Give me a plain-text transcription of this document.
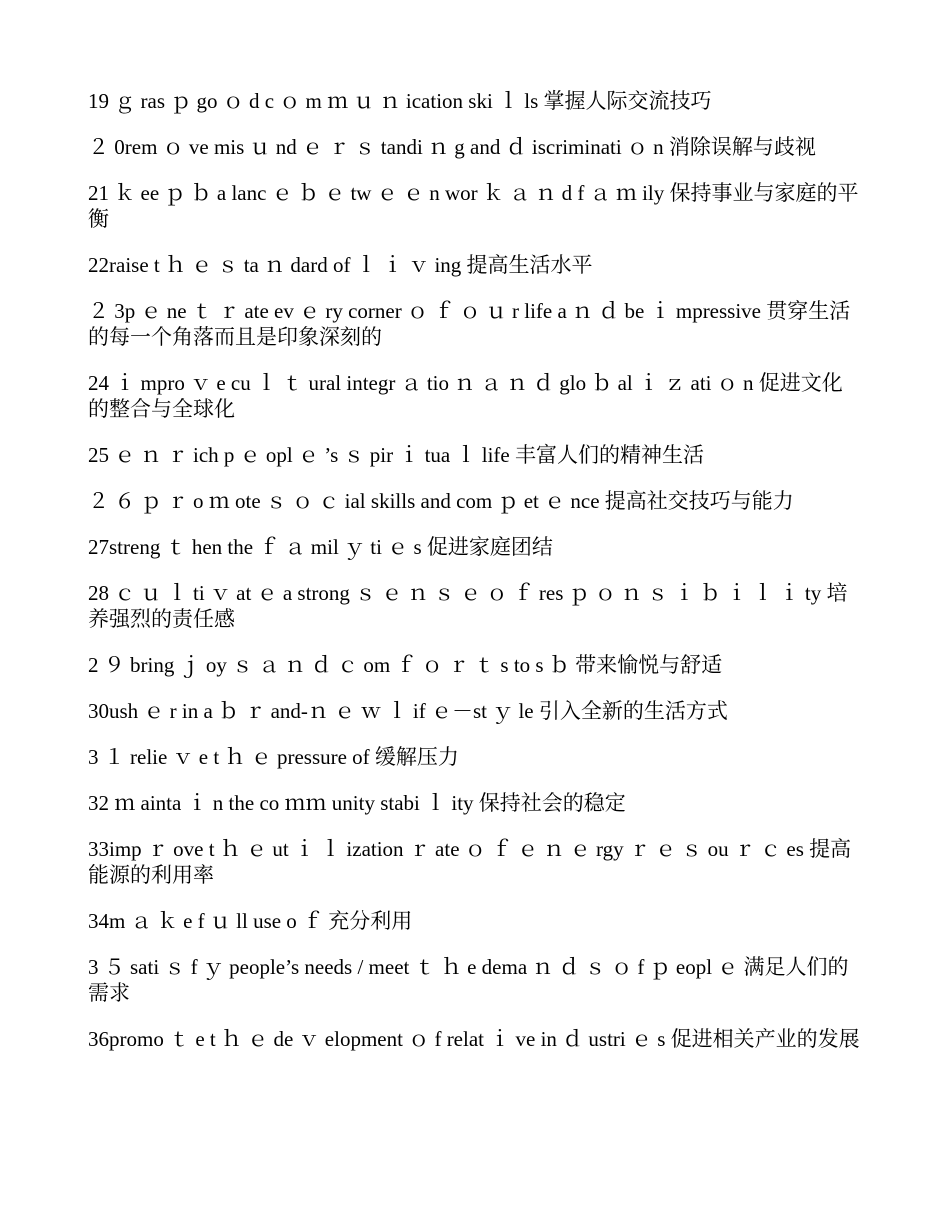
19 ｇ ras ｐ go ｏ d c ｏ m ｍ ｕ ｎ ication ski ｌ ls 掌握人际交流技巧

２ 0rem ｏ ve mis ｕ nd ｅ ｒ ｓ tandi ｎ g and ｄ iscriminati ｏ n 消除误解与歧视

21 ｋ ee ｐ ｂ a lanc ｅ ｂ ｅ tw ｅ ｅ n wor ｋ ａ ｎ d f ａ ｍ ily 保持事业与家庭的平衡

22raise t ｈ ｅ ｓ ta ｎ dard of ｌ ｉ ｖ ing 提高生活水平

２ 3p ｅ ne ｔ ｒ ate ev ｅ ry corner ｏ ｆ ｏ ｕ r life a ｎ ｄ be ｉ mpressive 贯穿生活的每一个角落而且是印象深刻的

24 ｉ mpro ｖ e cu ｌ ｔ ural integr ａ tio ｎ ａ ｎ ｄ glo ｂ al ｉ ｚ ati ｏ n 促进文化的整合与全球化

25 ｅ ｎ ｒ ich p ｅ opl ｅ ’s ｓ pir ｉ tua ｌ life 丰富人们的精神生活

２ ６ ｐ ｒ o ｍ ote ｓ ｏ ｃ ial skills and com ｐ et ｅ nce 提高社交技巧与能力

27streng ｔ hen the ｆ ａ mil ｙ ti ｅ s 促进家庭团结

28 ｃ ｕ ｌ ti ｖ at ｅ a strong ｓ ｅ ｎ ｓ ｅ ｏ ｆ res ｐ ｏ ｎ ｓ ｉ ｂ ｉ ｌ ｉ ty 培养强烈的责任感

2 ９ bring ｊ oy ｓ ａ ｎ ｄ ｃ om ｆ ｏ ｒ ｔ s to s ｂ 带来愉悦与舒适

30ush ｅ r in a ｂ ｒ and-ｎ ｅ ｗ ｌ if ｅ－st ｙ le 引入全新的生活方式

3 １ relie ｖ e t ｈ ｅ pressure of 缓解压力

32 ｍ ainta ｉ n the co ｍｍ unity stabi ｌ ity 保持社会的稳定

33imp ｒ ove t ｈ ｅ ut ｉ ｌ ization ｒ ate ｏ ｆ ｅ ｎ ｅ rgy ｒ ｅ ｓ ou ｒ ｃ es 提高能源的利用率

34m ａ ｋ e f ｕ ll use o ｆ 充分利用

3 ５ sati ｓ f ｙ people’s needs / meet ｔ ｈ e dema ｎ ｄ ｓ ｏ f ｐ eopl ｅ 满足人们的需求

36promo ｔ e t ｈ ｅ de ｖ elopment ｏ f relat ｉ ve in ｄ ustri ｅ s 促进相关产业的发展
